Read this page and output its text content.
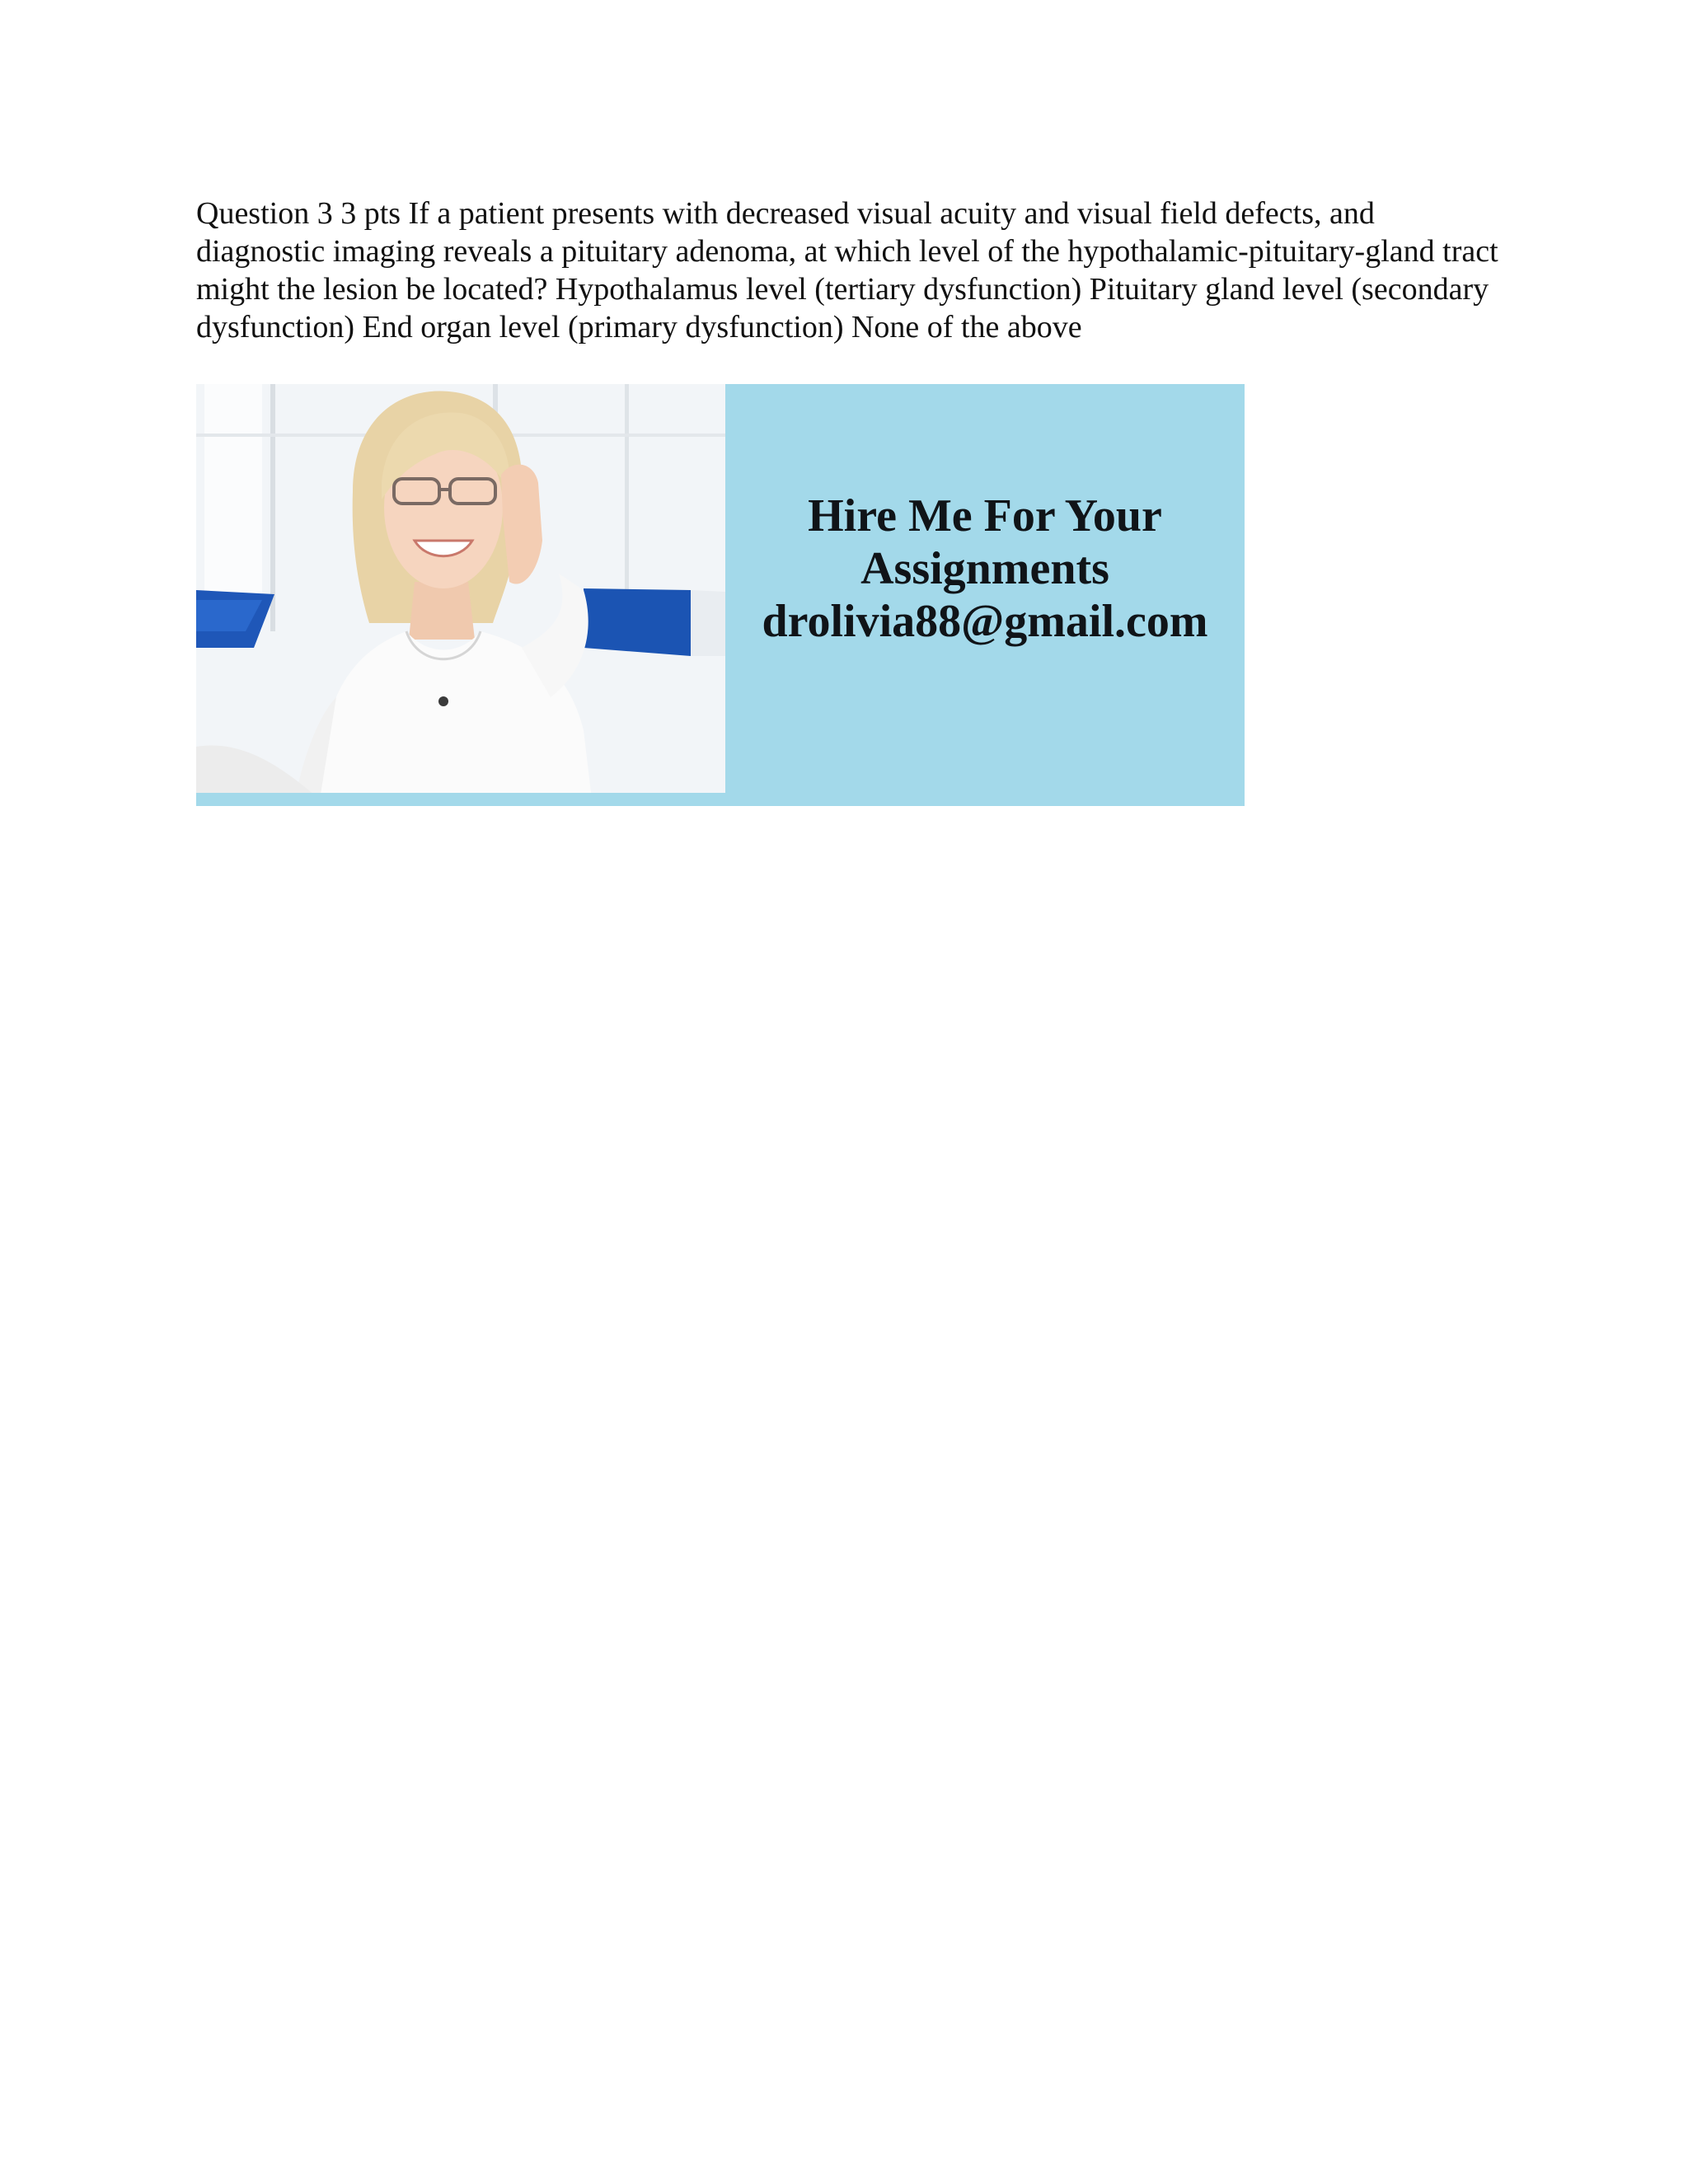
Question 3 3 pts If a patient presents with decreased visual acuity and visual field defects, and diagnostic imaging reveals a pituitary adenoma, at which level of the hypothalamic-pituitary-gland tract might the lesion be located? Hypothalamus level (tertiary dysfunction) Pituitary gland level (secondary dysfunction) End organ level (primary dysfunction) None of the above

Hire Me For Your
Assignments
drolivia88@gmail.com
